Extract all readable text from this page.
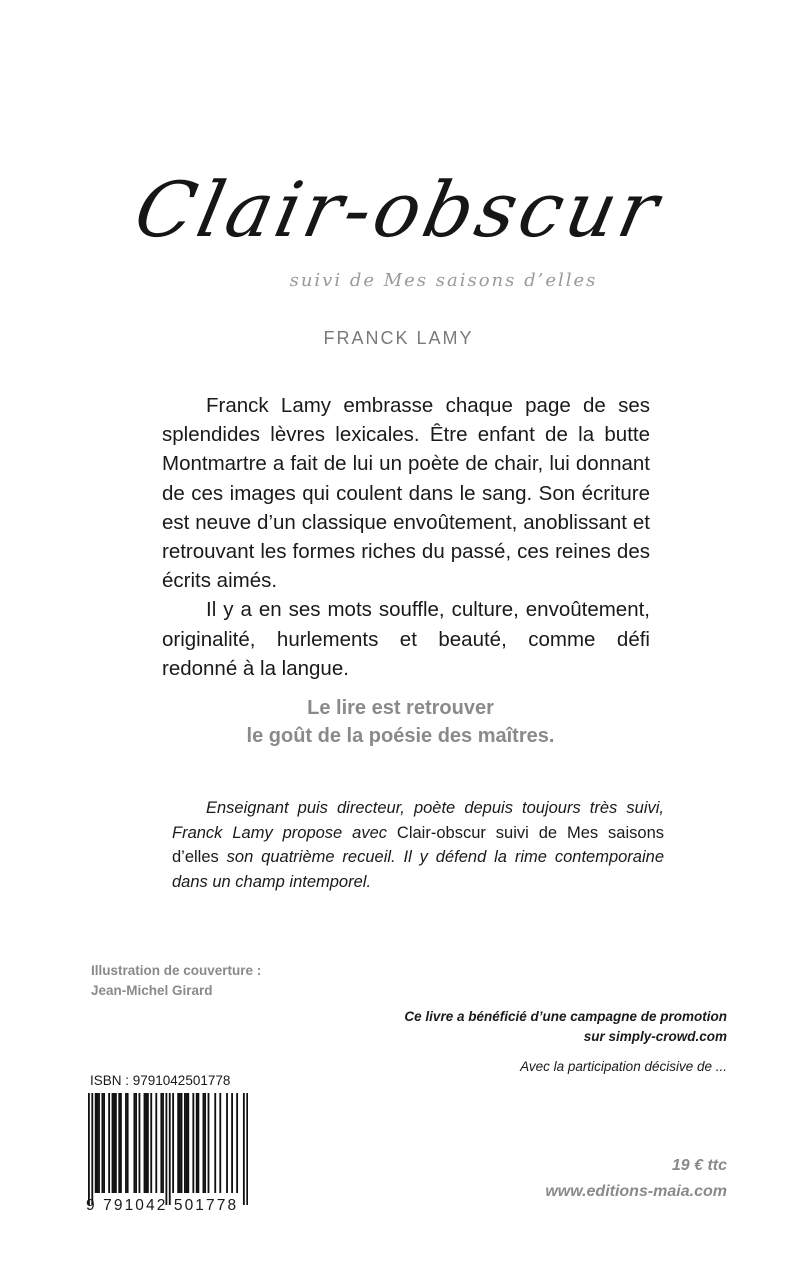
Clair-obscur
suivi de Mes saisons d’elles
FRANCK LAMY

Franck Lamy embrasse chaque page de ses splendides lèvres lexicales. Être enfant de la butte Montmartre a fait de lui un poète de chair, lui donnant de ces images qui coulent dans le sang. Son écriture est neuve d’un classique envoûtement, anoblissant et retrouvant les formes riches du passé, ces reines des écrits aimés.

Il y a en ses mots souffle, culture, envoûtement, originalité, hurlements et beauté, comme défi redonné à la langue.

Le lire est retrouver
le goût de la poésie des maîtres.

Enseignant puis directeur, poète depuis toujours très suivi, Franck Lamy propose avec Clair-obscur suivi de Mes saisons d’elles son quatrième recueil. Il y défend la rime contemporaine dans un champ intemporel.

Illustration de couverture :
Jean-Michel Girard
Ce livre a bénéficié d’une campagne de promotion
sur simply-crowd.com
Avec la participation décisive de ...
ISBN : 9791042501778
9 791042 501778
19 € ttc
www.editions-maia.com
